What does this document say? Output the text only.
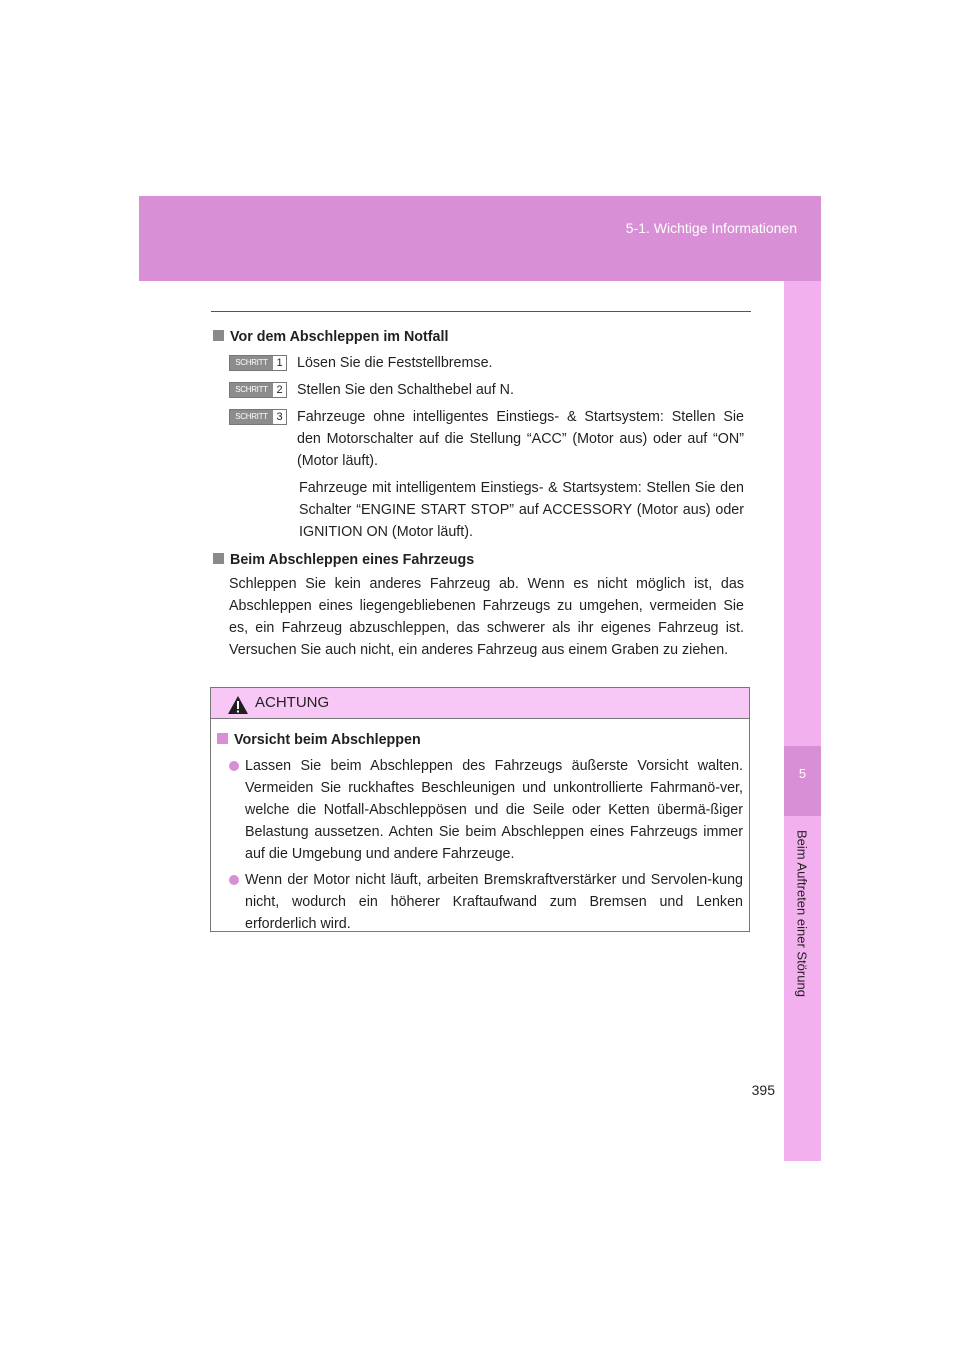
5-1. Wichtige Informationen
5
Beim Auftreten einer Störung

Vor dem Abschleppen im Notfall

SCHRITT 1 Lösen Sie die Feststellbremse.
SCHRITT 2 Stellen Sie den Schalthebel auf N.
SCHRITT 3 Fahrzeuge ohne intelligentes Einstiegs- & Startsystem: Stellen Sie den Motorschalter auf die Stellung “ACC” (Motor aus) oder auf “ON” (Motor läuft).

Fahrzeuge mit intelligentem Einstiegs- & Startsystem: Stellen Sie den Schalter “ENGINE START STOP” auf ACCESSORY (Motor aus) oder IGNITION ON (Motor läuft).

Beim Abschleppen eines Fahrzeugs

Schleppen Sie kein anderes Fahrzeug ab. Wenn es nicht möglich ist, das Abschleppen eines liegengebliebenen Fahrzeugs zu umgehen, vermeiden Sie es, ein Fahrzeug abzuschleppen, das schwerer als ihr eigenes Fahrzeug ist. Versuchen Sie auch nicht, ein anderes Fahrzeug aus einem Graben zu ziehen.

ACHTUNG

Vorsicht beim Abschleppen

Lassen Sie beim Abschleppen des Fahrzeugs äußerste Vorsicht walten. Vermeiden Sie ruckhaftes Beschleunigen und unkontrollierte Fahrmanö-ver, welche die Notfall-Abschleppösen und die Seile oder Ketten übermä-ßiger Belastung aussetzen. Achten Sie beim Abschleppen eines Fahrzeugs immer auf die Umgebung und andere Fahrzeuge.
Wenn der Motor nicht läuft, arbeiten Bremskraftverstärker und Servolen-kung nicht, wodurch ein höherer Kraftaufwand zum Bremsen und Lenken erforderlich wird.
395
